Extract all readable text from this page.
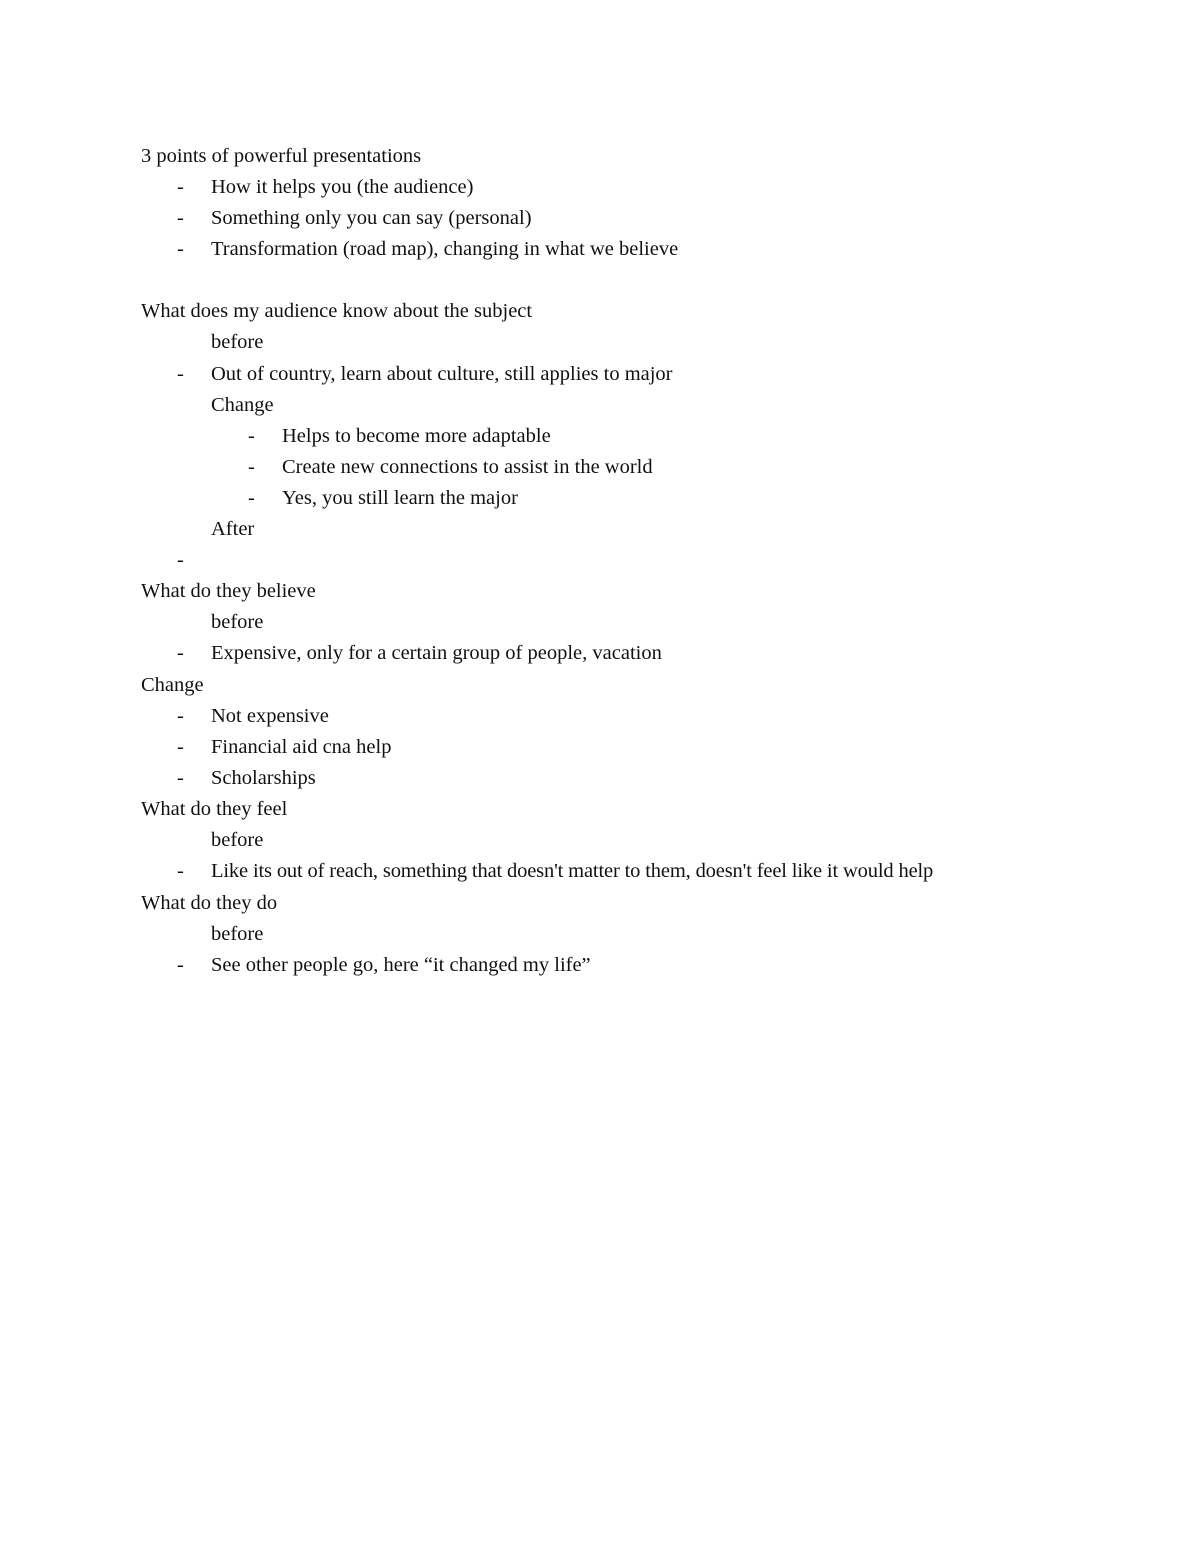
3 points of powerful presentations
- How it helps you (the audience)
- Something only you can say (personal)
- Transformation (road map), changing in what we believe
What does my audience know about the subject
before
- Out of country, learn about culture, still applies to major
Change
- Helps to become more adaptable
- Create new connections to assist in the world
- Yes, you still learn the major
After
-
What do they believe
before
- Expensive, only for a certain group of people, vacation
Change
- Not expensive
- Financial aid cna help
- Scholarships
What do they feel
before
- Like its out of reach, something that doesn't matter to them, doesn't feel like it would help
What do they do
before
- See other people go, here “it changed my life”
